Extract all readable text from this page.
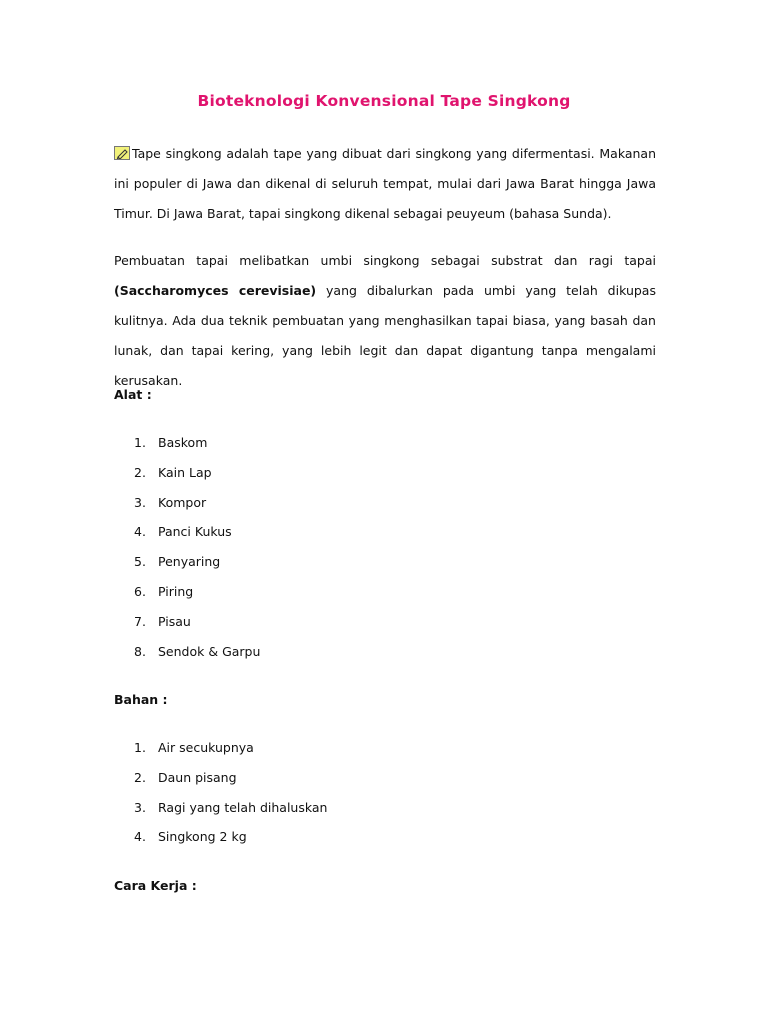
Bioteknologi Konvensional Tape Singkong

Tape singkong adalah tape yang dibuat dari singkong yang difermentasi. Makanan ini populer di Jawa dan dikenal di seluruh tempat, mulai dari Jawa Barat hingga Jawa Timur. Di Jawa Barat, tapai singkong dikenal sebagai peuyeum (bahasa Sunda).

Pembuatan tapai melibatkan umbi singkong sebagai substrat dan ragi tapai (Saccharomyces cerevisiae) yang dibalurkan pada umbi yang telah dikupas kulitnya. Ada dua teknik pembuatan yang menghasilkan tapai biasa, yang basah dan lunak, dan tapai kering, yang lebih legit dan dapat digantung tanpa mengalami kerusakan.

Alat :

1. Baskom
2. Kain Lap
3. Kompor
4. Panci Kukus
5. Penyaring
6. Piring
7. Pisau
8. Sendok & Garpu

Bahan :

1. Air secukupnya
2. Daun pisang
3. Ragi yang telah dihaluskan
4. Singkong 2 kg

Cara Kerja :
